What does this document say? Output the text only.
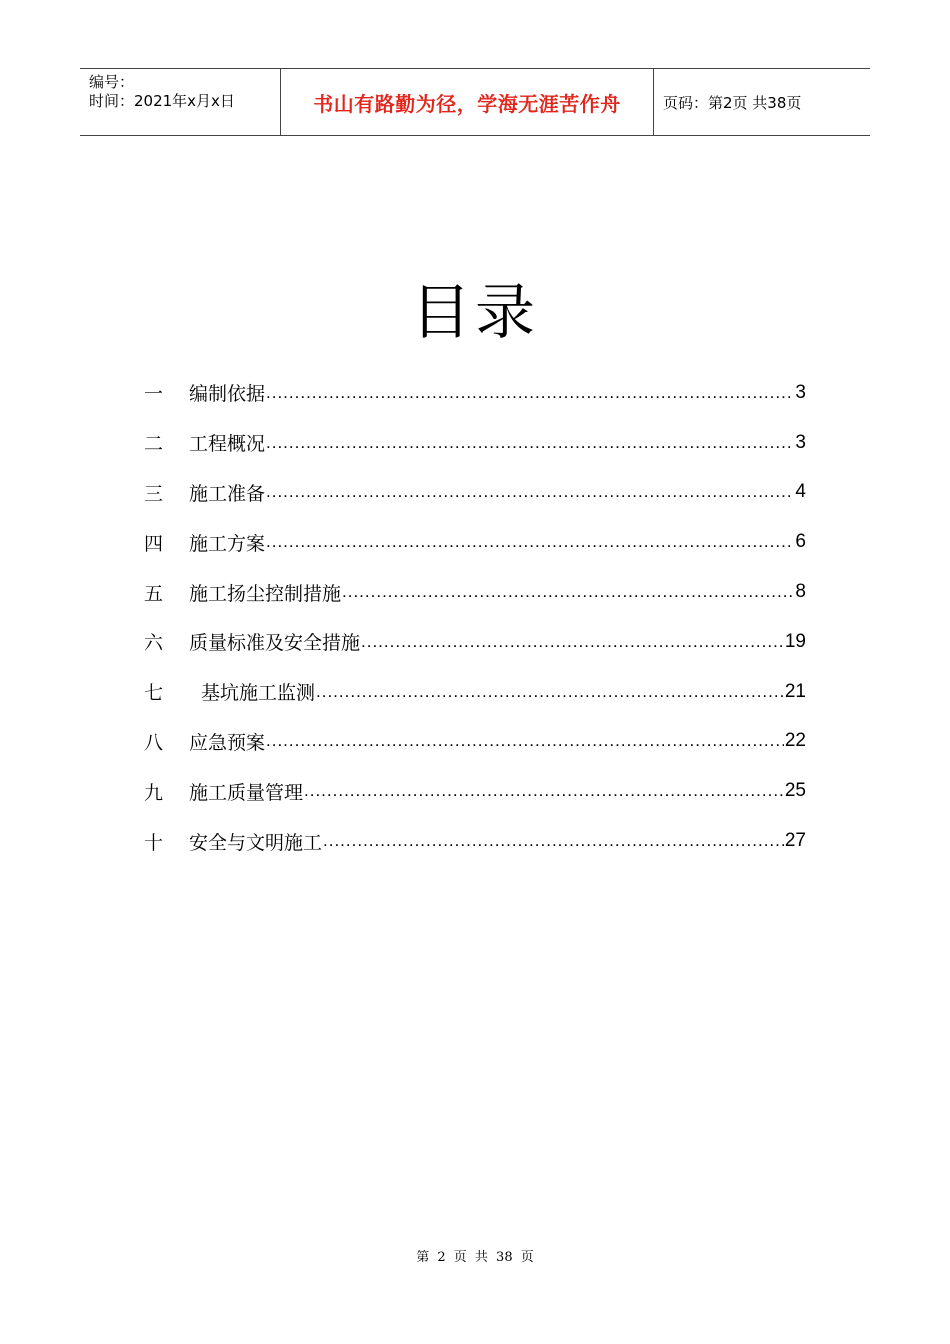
编号：
时间：2021年x月x日	书山有路勤为径，学海无涯苦作舟	页码：第2页 共38页
目录
一	编制依据 .....	3
二	工程概况 .....	3
三	施工准备 .....	4
四	施工方案 .....	6
五	施工扬尘控制措施 .....	8
六	质量标准及安全措施 .....	19
七	基坑施工监测 .....	21
八	应急预案 .....	22
九	施工质量管理 .....	25
十	安全与文明施工 .....	27
第 2 页 共 38 页
